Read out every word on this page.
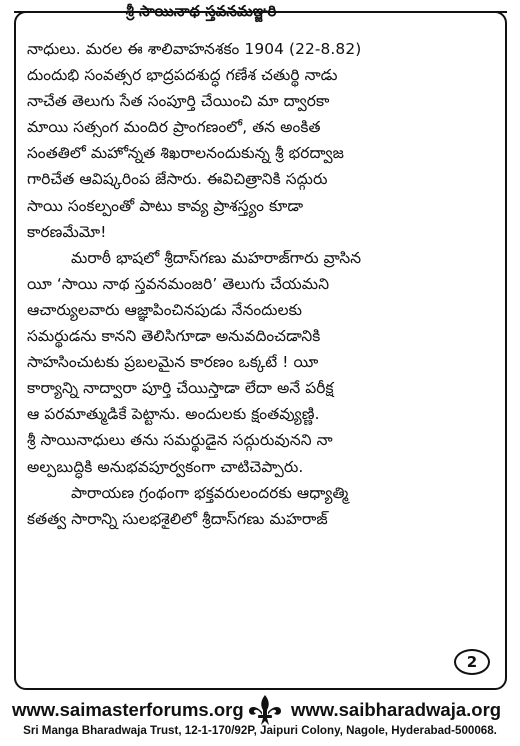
శ్రీ సాయినాధ స్తవనమఞ్జరి
నాధులు. మరల ఈ శాలివాహనశకం 1904 (22-8.82)
దుందుభి సంవత్సర భాద్రపదశుద్ధ గణేశ చతుర్థి నాడు
నాచేత తెలుగు సేత సంపూర్తి చేయించి మా ద్వారకా
మాయి సత్సంగ మందిర ప్రాంగణంలో, తన అంకిత
సంతతిలో మహోన్నత శిఖరాలనందుకున్న శ్రీ భరద్వాజ
గారిచేత ఆవిష్కరింప జేసారు. ఈవిచిత్రానికి సద్గురు
సాయి సంకల్పంతో పాటు కావ్య ప్రాశస్త్యం కూడా
కారణమేమో!
మరాఠీ భాషలో శ్రీదాస్‌గణు మహరాజ్‌గారు వ్రాసిన
యీ ‘సాయి నాథ స్తవనమంజరి’ తెలుగు చేయమని
ఆచార్యులవారు ఆజ్ఞాపించినపుడు నేనందులకు
సమర్థుడను కానని తెలిసిగూడా అనువదించడానికి
సాహసించుటకు ప్రబలమైన కారణం ఒక్కటే ! యీ
కార్యాన్ని నాద్వారా పూర్తి చేయిస్తాడా లేదా అనే పరీక్ష
ఆ పరమాత్ముడికే పెట్టాను. అందులకు క్షంతవ్యుణ్ణి.
శ్రీ సాయినాధులు తను సమర్థుడైన సద్గురువునని నా
అల్పబుద్ధికి అనుభవపూర్వకంగా చాటిచెప్పారు.
పారాయణ గ్రంథంగా భక్తవరులందరకు ఆధ్యాత్మి
కతత్వ సారాన్ని సులభశైలిలో శ్రీదాస్‌గణు మహరాజ్
2
www.saimasterforums.org	www.saibharadwaja.org
Sri Manga Bharadwaja Trust, 12-1-170/92P, Jaipuri Colony, Nagole, Hyderabad-500068.
